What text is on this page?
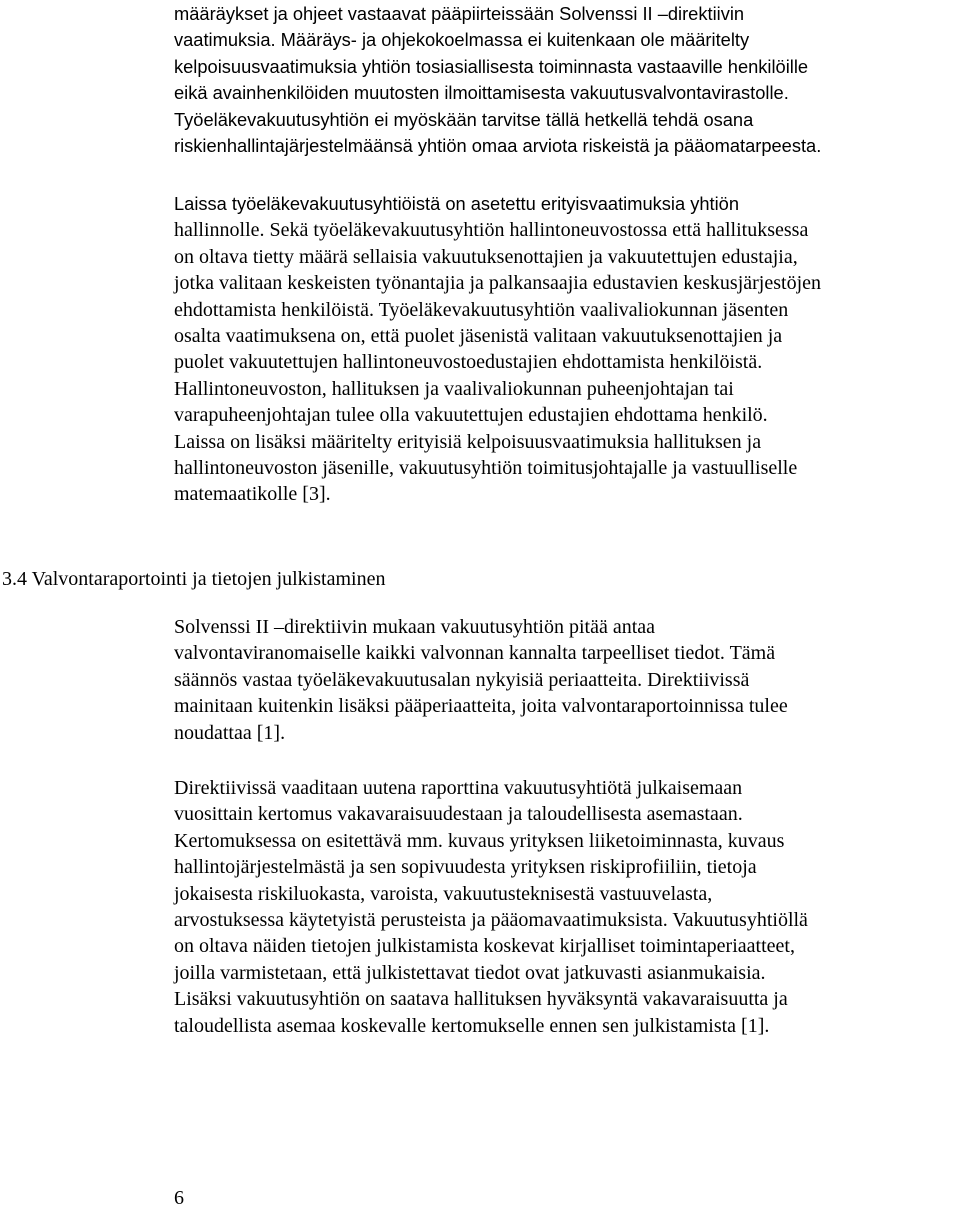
määräykset ja ohjeet vastaavat pääpiirteissään Solvenssi II –direktiivin
vaatimuksia. Määräys- ja ohjekokoelmassa ei kuitenkaan ole määritelty
kelpoisuusvaatimuksia yhtiön tosiasiallisesta toiminnasta vastaaville henkilöille
eikä avainhenkilöiden muutosten ilmoittamisesta vakuutusvalvontavirastolle.
Työeläkevakuutusyhtiön ei myöskään tarvitse tällä hetkellä tehdä osana
riskienhallintajärjestelmäänsä yhtiön omaa arviota riskeistä ja pääomatarpeesta.

Laissa työeläkevakuutusyhtiöistä on asetettu erityisvaatimuksia yhtiön
hallinnolle. Sekä työeläkevakuutusyhtiön hallintoneuvostossa että hallituksessa
on oltava tietty määrä sellaisia vakuutuksenottajien ja vakuutettujen edustajia,
jotka valitaan keskeisten työnantajia ja palkansaajia edustavien keskusjärjestöjen
ehdottamista henkilöistä. Työeläkevakuutusyhtiön vaalivaliokunnan jäsenten
osalta vaatimuksena on, että puolet jäsenistä valitaan vakuutuksenottajien ja
puolet vakuutettujen hallintoneuvostoedustajien ehdottamista henkilöistä.
Hallintoneuvoston, hallituksen ja vaalivaliokunnan puheenjohtajan tai
varapuheenjohtajan tulee olla vakuutettujen edustajien ehdottama henkilö.
Laissa on lisäksi määritelty erityisiä kelpoisuusvaatimuksia hallituksen ja
hallintoneuvoston jäsenille, vakuutusyhtiön toimitusjohtajalle ja vastuulliselle
matemaatikolle [3].

3.4 Valvontaraportointi ja tietojen julkistaminen

Solvenssi II –direktiivin mukaan vakuutusyhtiön pitää antaa
valvontaviranomaiselle kaikki valvonnan kannalta tarpeelliset tiedot. Tämä
säännös vastaa työeläkevakuutusalan nykyisiä periaatteita. Direktiivissä
mainitaan kuitenkin lisäksi pääperiaatteita, joita valvontaraportoinnissa tulee
noudattaa [1].

Direktiivissä vaaditaan uutena raporttina vakuutusyhtiötä julkaisemaan
vuosittain kertomus vakavaraisuudestaan ja taloudellisesta asemastaan.
Kertomuksessa on esitettävä mm. kuvaus yrityksen liiketoiminnasta, kuvaus
hallintojärjestelmästä ja sen sopivuudesta yrityksen riskiprofiiliin, tietoja
jokaisesta riskiluokasta, varoista, vakuutusteknisestä vastuuvelasta,
arvostuksessa käytetyistä perusteista ja pääomavaatimuksista. Vakuutusyhtiöllä
on oltava näiden tietojen julkistamista koskevat kirjalliset toimintaperiaatteet,
joilla varmistetaan, että julkistettavat tiedot ovat jatkuvasti asianmukaisia.
Lisäksi vakuutusyhtiön on saatava hallituksen hyväksyntä vakavaraisuutta ja
taloudellista asemaa koskevalle kertomukselle ennen sen julkistamista [1].

6
